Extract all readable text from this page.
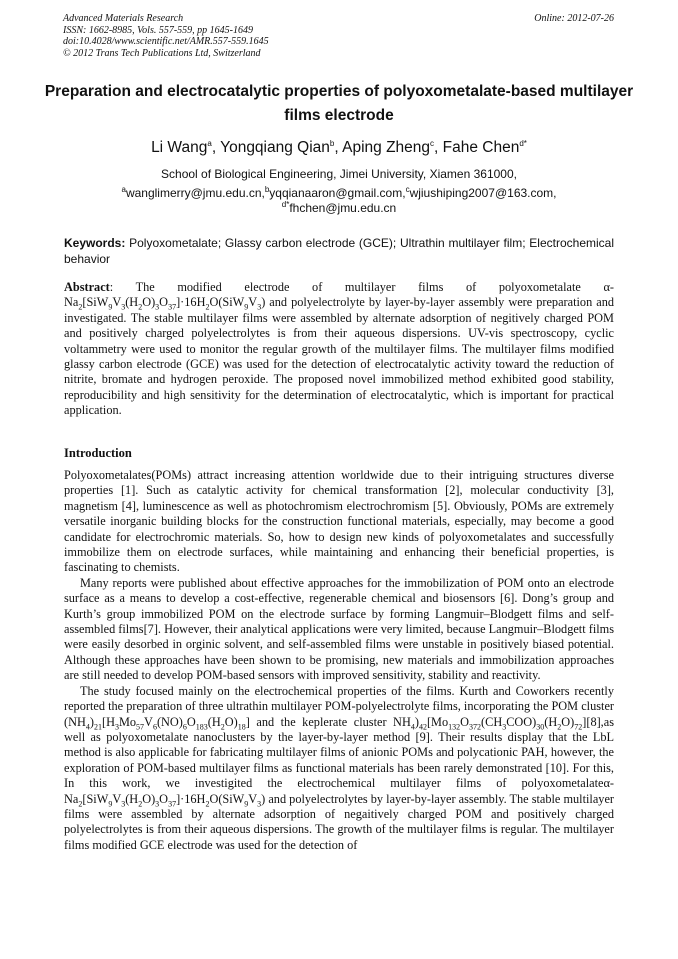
Advanced Materials Research
ISSN: 1662-8985, Vols. 557-559, pp 1645-1649
doi:10.4028/www.scientific.net/AMR.557-559.1645
© 2012 Trans Tech Publications Ltd, Switzerland
Online: 2012-07-26
Preparation and electrocatalytic properties of polyoxometalate-based multilayer films electrode
Li Wang$^a$, Yongqiang Qian$^b$, Aping Zheng$^c$, Fahe Chen$^{d*}$
School of Biological Engineering, Jimei University, Xiamen 361000,
$^a$wanglimerry@jmu.edu.cn,$^b$yqqianaaron@gmail.com,$^c$wjiushiping2007@163.com,
$^{d*}$fhchen@jmu.edu.cn
Keywords: Polyoxometalate; Glassy carbon electrode (GCE); Ultrathin multilayer film; Electrochemical behavior
Abstract: The modified electrode of multilayer films of polyoxometalate $\alpha-Na_2[SiW_9V_3(H_2O)_3O_{37}]\cdot 16H_2O(SiW_9V_3)$ and polyelectrolyte by layer-by-layer assembly were preparation and investigated. The stable multilayer films were assembled by alternate adsorption of negitively charged POM and positively charged polyelectrolytes is from their aqueous dispersions. UV-vis spectroscopy, cyclic voltammetry were used to monitor the regular growth of the multilayer films. The multilayer films modified glassy carbon electrode (GCE) was used for the detection of electrocatalytic activity toward the reduction of nitrite, bromate and hydrogen peroxide. The proposed novel immobilized method exhibited good stability, reproducibility and high sensitivity for the determination of electrocatalytic, which is important for practical application.
Introduction

Polyoxometalates(POMs) attract increasing attention worldwide due to their intriguing structures diverse properties [1]. Such as catalytic activity for chemical transformation [2], molecular conductivity [3], magnetism [4], luminescence as well as photochromism electrochromism [5]. Obviously, POMs are extremely versatile inorganic building blocks for the construction functional materials, especially, may become a good candidate for electrochromic materials. So, how to design new kinds of polyoxometalates and successfully immobilize them on electrode surfaces, while maintaining and enhancing their beneficial properties, is fascinating to chemists.

Many reports were published about effective approaches for the immobilization of POM onto an electrode surface as a means to develop a cost-effective, regenerable chemical and biosensors [6]. Dong’s group and Kurth’s group immobilized POM on the electrode surface by forming Langmuir–Blodgett films and self-assembled films[7]. However, their analytical applications were very limited, because Langmuir–Blodgett films were easily desorbed in orginic solvent, and self-assembled films were unstable in positively biased potential. Although these approaches have been shown to be promising, new materials and immobilization approaches are still needed to develop POM-based sensors with improved sensitivity, stability and reactivity.

The study focused mainly on the electrochemical properties of the films. Kurth and Coworkers recently reported the preparation of three ultrathin multilayer POM-polyelectrolyte films, incorporating the POM cluster $(NH_4)_{21}[H_3Mo_{57}V_6(NO)_6O_{183}(H_2O)_{18}]$ and the keplerate cluster $NH_4)_{42}[Mo_{132}O_{372}(CH_3COO)_{30}(H_2O)_{72}][8],as$ well as polyoxometalate nanoclusters by the layer-by-layer method [9]. Their results display that the LbL method is also applicable for fabricating multilayer films of anionic POMs and polycationic PAH, however, the exploration of POM-based multilayer films as functional materials has been rarely demonstrated [10]. For this, In this work, we investigited the electrochemical multilayer films of polyoxometalateα-$Na_2[SiW_9V_3(H_2O)_3O_{37}]\cdot 16H_2O(SiW_9V_3)$ and polyelectrolytes by layer-by-layer assembly. The stable multilayer films were assembled by alternate adsorption of negaitively charged POM and positively charged polyelectrolytes is from their aqueous dispersions. The growth of the multilayer films is regular. The multilayer films modified GCE electrode was used for the detection of
